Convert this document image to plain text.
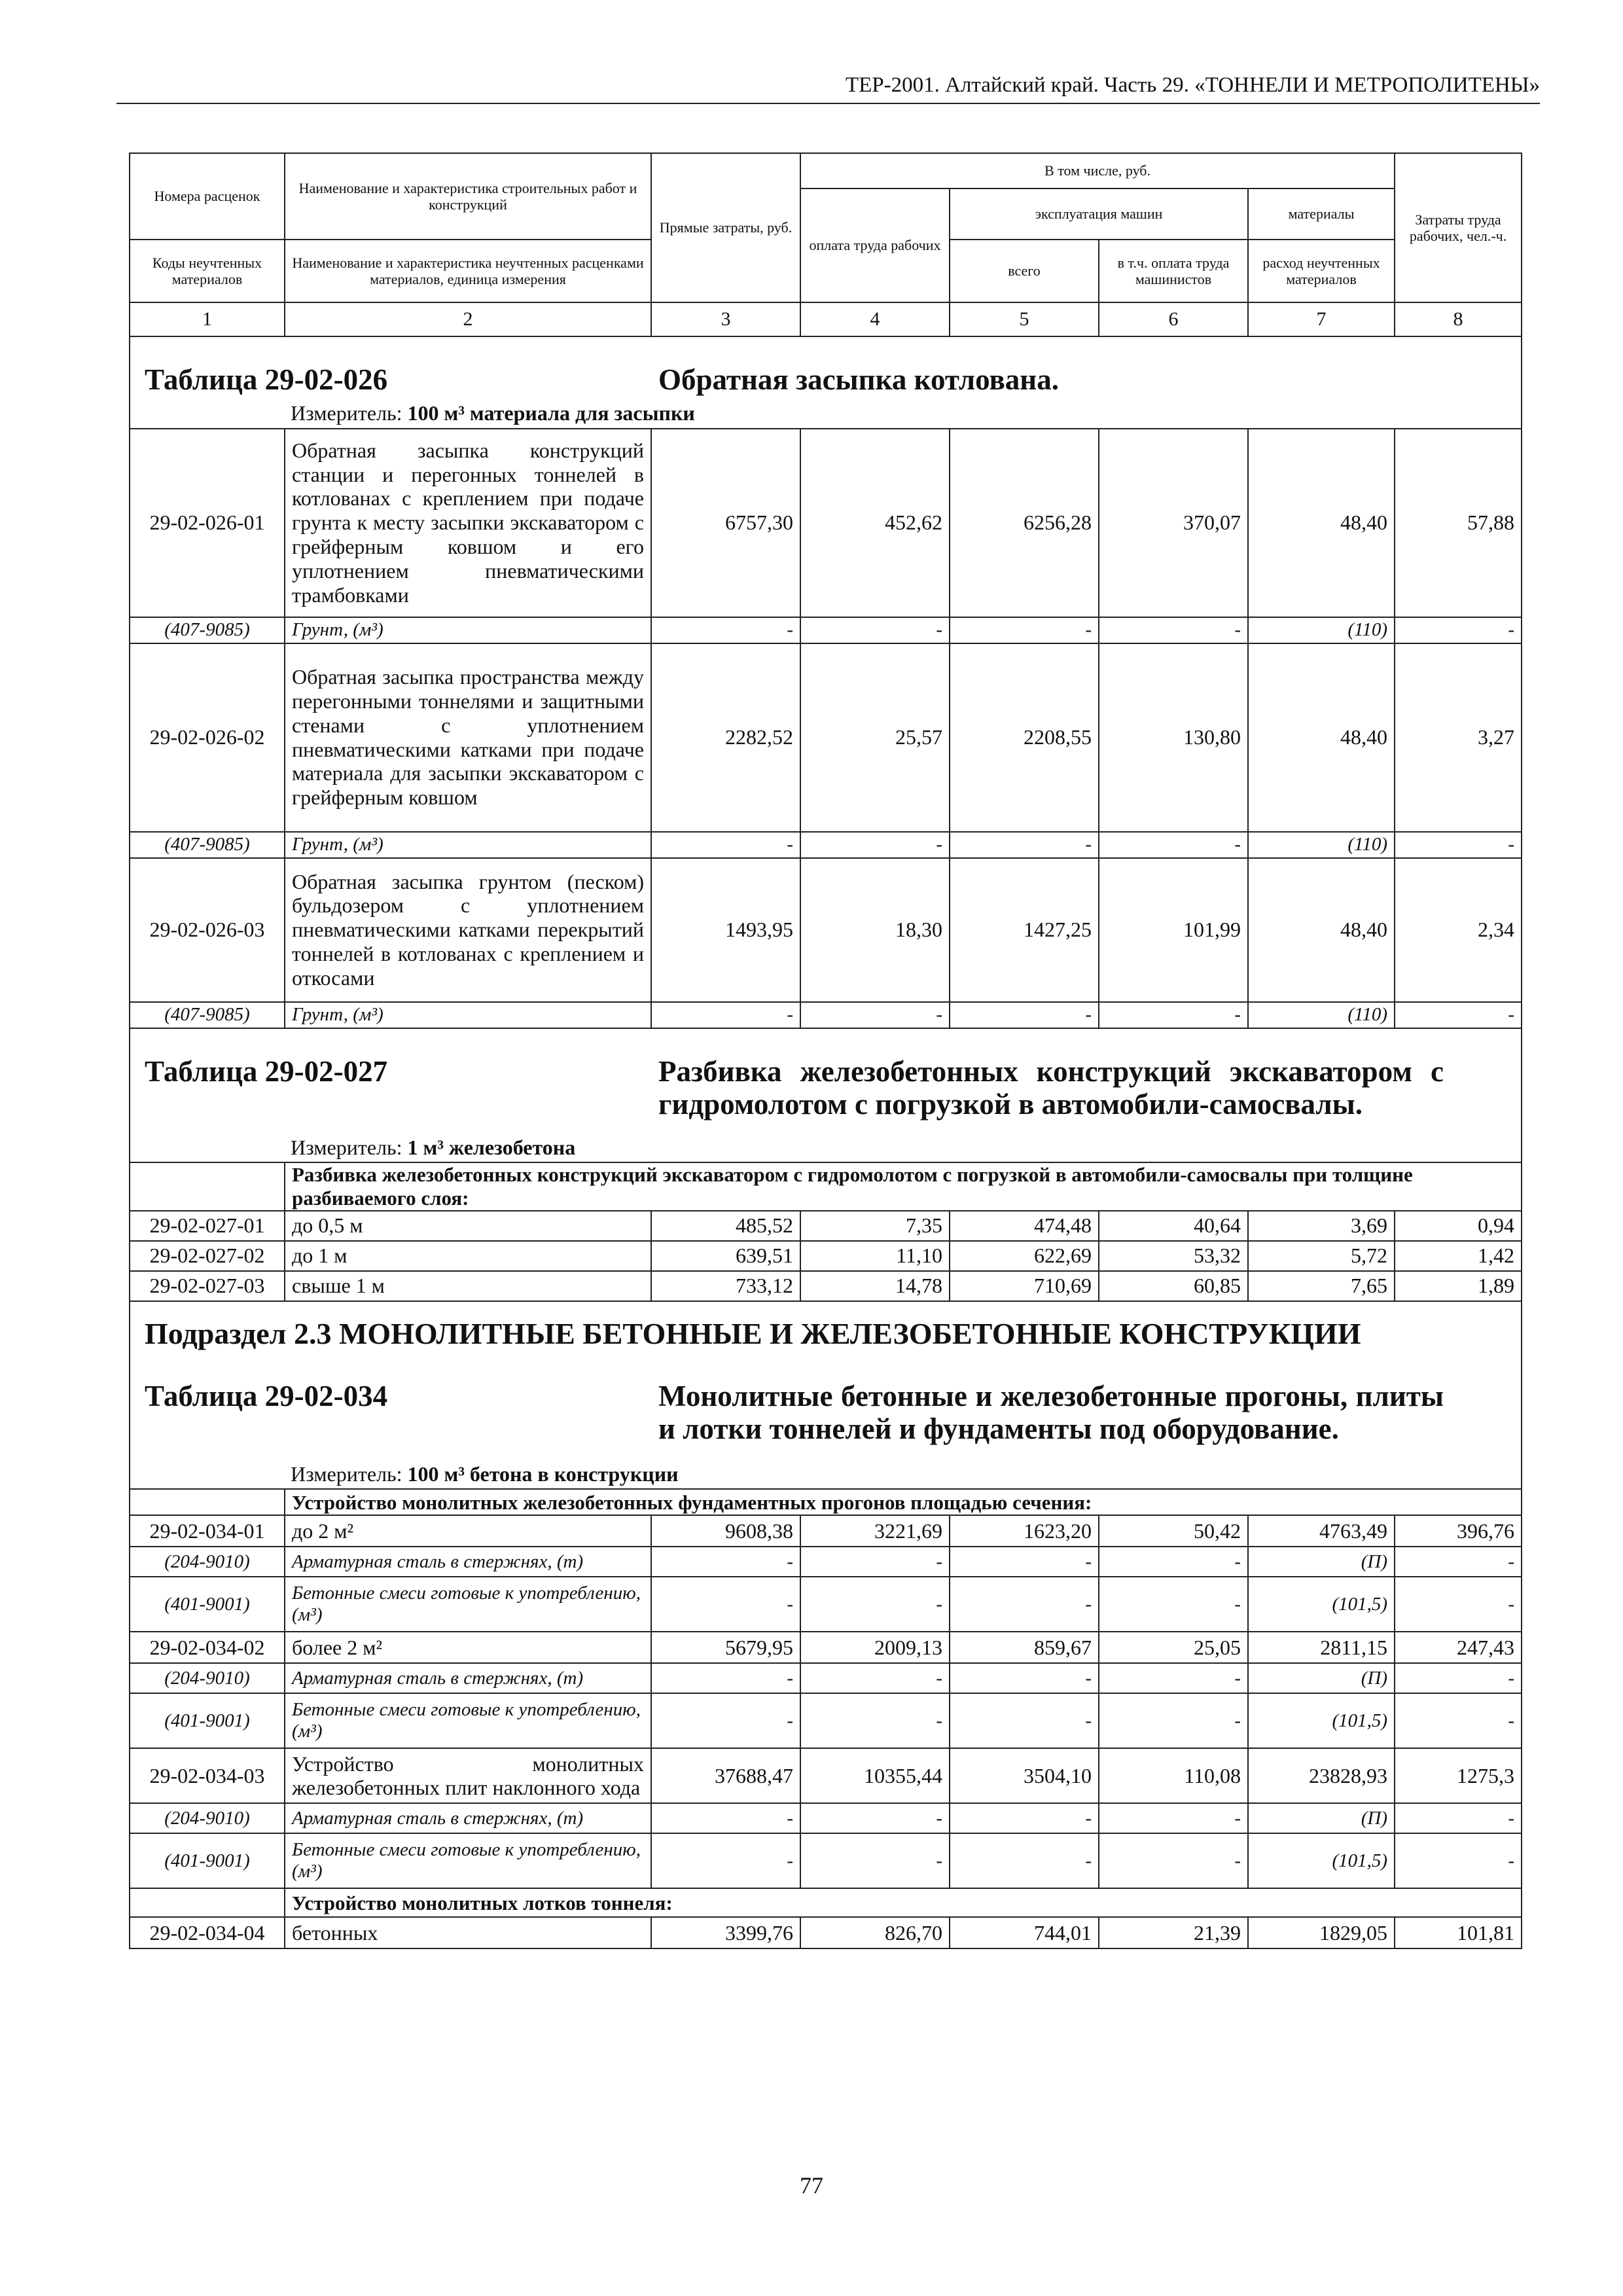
ТЕР-2001. Алтайский край. Часть 29. «ТОННЕЛИ И МЕТРОПОЛИТЕНЫ»
Номера расценок	Наименование и характеристика строительных работ и конструкций	Прямые затраты, руб.	В том числе, руб.				Затраты труда рабочих, чел.-ч.
			оплата труда рабочих	эксплуатация машин		материалы	
Коды неучтенных материалов	Наименование и характеристика неучтенных расценками материалов, единица измерения			всего	в т.ч. оплата труда машинистов	расход неучтенных материалов	
1	2	3	4	5	6	7	8

Таблица 29-02-026 Обратная засыпка котлована.							

Измеритель: 100 м³ материала для засыпки							
29-02-026-01	Обратная засыпка конструкций станции и перегонных тоннелей в котлованах с креплением при подаче грунта к месту засыпки экскаватором с грейферным ковшом и его уплотнением пневматическими трамбовками	6757,30	452,62	6256,28	370,07	48,40	57,88
(407-9085)	Грунт, (м³)	-	-	-	-	(110)	-
29-02-026-02	Обратная засыпка пространства между перегонными тоннелями и защитными стенами с уплотнением пневматическими катками при подаче материала для засыпки экскаватором с грейферным ковшом	2282,52	25,57	2208,55	130,80	48,40	3,27
(407-9085)	Грунт, (м³)	-	-	-	-	(110)	-
29-02-026-03	Обратная засыпка грунтом (песком) бульдозером с уплотнением пневматическими катками перекрытий тоннелей в котлованах с креплением и откосами	1493,95	18,30	1427,25	101,99	48,40	2,34
(407-9085)	Грунт, (м³)	-	-	-	-	(110)	-

Таблица 29-02-027 Разбивка железобетонных конструкций экскаватором с гидромолотом с погрузкой в автомобили-самосвалы.							

Измеритель: 1 м³ железобетона							
	Разбивка железобетонных конструкций экскаватором с гидромолотом с погрузкой в автомобили-самосвалы при толщине разбиваемого слоя:						
29-02-027-01	до 0,5 м	485,52	7,35	474,48	40,64	3,69	0,94
29-02-027-02	до 1 м	639,51	11,10	622,69	53,32	5,72	1,42
29-02-027-03	свыше 1 м	733,12	14,78	710,69	60,85	7,65	1,89
Подраздел 2.3 МОНОЛИТНЫЕ БЕТОННЫЕ И ЖЕЛЕЗОБЕТОННЫЕ КОНСТРУКЦИИ							

Таблица 29-02-034 Монолитные бетонные и железобетонные прогоны, плиты и лотки тоннелей и фундаменты под оборудование.							

Измеритель: 100 м³ бетона в конструкции							
	Устройство монолитных железобетонных фундаментных прогонов площадью сечения:						
29-02-034-01	до 2 м²	9608,38	3221,69	1623,20	50,42	4763,49	396,76
(204-9010)	Арматурная сталь в стержнях, (т)	-	-	-	-	(П)	-
(401-9001)	Бетонные смеси готовые к употреблению, (м³)	-	-	-	-	(101,5)	-
29-02-034-02	более 2 м²	5679,95	2009,13	859,67	25,05	2811,15	247,43
(204-9010)	Арматурная сталь в стержнях, (т)	-	-	-	-	(П)	-
(401-9001)	Бетонные смеси готовые к употреблению, (м³)	-	-	-	-	(101,5)	-
29-02-034-03	Устройство монолитных железобетонных плит наклонного хода	37688,47	10355,44	3504,10	110,08	23828,93	1275,3
(204-9010)	Арматурная сталь в стержнях, (т)	-	-	-	-	(П)	-
(401-9001)	Бетонные смеси готовые к употреблению, (м³)	-	-	-	-	(101,5)	-
	Устройство монолитных лотков тоннеля:						
29-02-034-04	бетонных	3399,76	826,70	744,01	21,39	1829,05	101,81
77
